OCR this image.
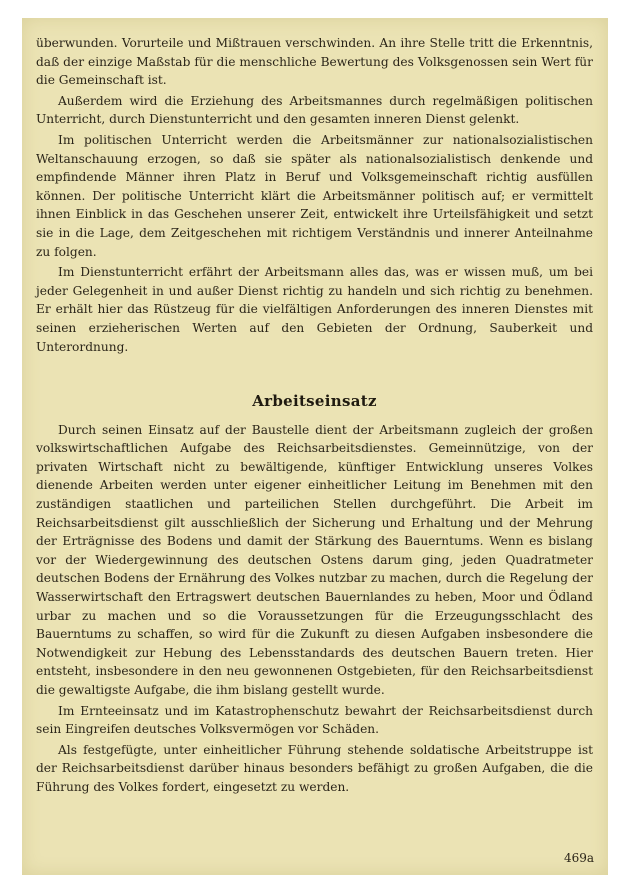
überwunden. Vorurteile und Mißtrauen verschwinden. An ihre Stelle tritt die Erkenntnis, daß der einzige Maßstab für die menschliche Bewertung des Volksgenossen sein Wert für die Gemeinschaft ist.

Außerdem wird die Erziehung des Arbeitsmannes durch regelmäßigen politischen Unterricht, durch Dienstunterricht und den gesamten inneren Dienst gelenkt.

Im politischen Unterricht werden die Arbeitsmänner zur nationalsozialistischen Weltanschauung erzogen, so daß sie später als nationalsozialistisch denkende und empfindende Männer ihren Platz in Beruf und Volksgemeinschaft richtig ausfüllen können. Der politische Unterricht klärt die Arbeitsmänner politisch auf; er vermittelt ihnen Einblick in das Geschehen unserer Zeit, entwickelt ihre Urteilsfähigkeit und setzt sie in die Lage, dem Zeitgeschehen mit richtigem Verständnis und innerer Anteilnahme zu folgen.

Im Dienstunterricht erfährt der Arbeitsmann alles das, was er wissen muß, um bei jeder Gelegenheit in und außer Dienst richtig zu handeln und sich richtig zu benehmen. Er erhält hier das Rüstzeug für die vielfältigen Anforderungen des inneren Dienstes mit seinen erzieherischen Werten auf den Gebieten der Ordnung, Sauberkeit und Unterordnung.

Arbeitseinsatz

Durch seinen Einsatz auf der Baustelle dient der Arbeitsmann zugleich der großen volkswirtschaftlichen Aufgabe des Reichsarbeitsdienstes. Gemeinnützige, von der privaten Wirtschaft nicht zu bewältigende, künftiger Entwicklung unseres Volkes dienende Arbeiten werden unter eigener einheitlicher Leitung im Benehmen mit den zuständigen staatlichen und parteilichen Stellen durchgeführt. Die Arbeit im Reichsarbeitsdienst gilt ausschließlich der Sicherung und Erhaltung und der Mehrung der Erträgnisse des Bodens und damit der Stärkung des Bauerntums. Wenn es bislang vor der Wiedergewinnung des deutschen Ostens darum ging, jeden Quadratmeter deutschen Bodens der Ernährung des Volkes nutzbar zu machen, durch die Regelung der Wasserwirtschaft den Ertragswert deutschen Bauernlandes zu heben, Moor und Ödland urbar zu machen und so die Voraussetzungen für die Erzeugungsschlacht des Bauerntums zu schaffen, so wird für die Zukunft zu diesen Aufgaben insbesondere die Notwendigkeit zur Hebung des Lebensstandards des deutschen Bauern treten. Hier entsteht, insbesondere in den neu gewonnenen Ostgebieten, für den Reichsarbeitsdienst die gewaltigste Aufgabe, die ihm bislang gestellt wurde.

Im Ernteeinsatz und im Katastrophenschutz bewahrt der Reichsarbeitsdienst durch sein Eingreifen deutsches Volksvermögen vor Schäden.

Als festgefügte, unter einheitlicher Führung stehende soldatische Arbeitstruppe ist der Reichsarbeitsdienst darüber hinaus besonders befähigt zu großen Aufgaben, die die Führung des Volkes fordert, eingesetzt zu werden.

469a
